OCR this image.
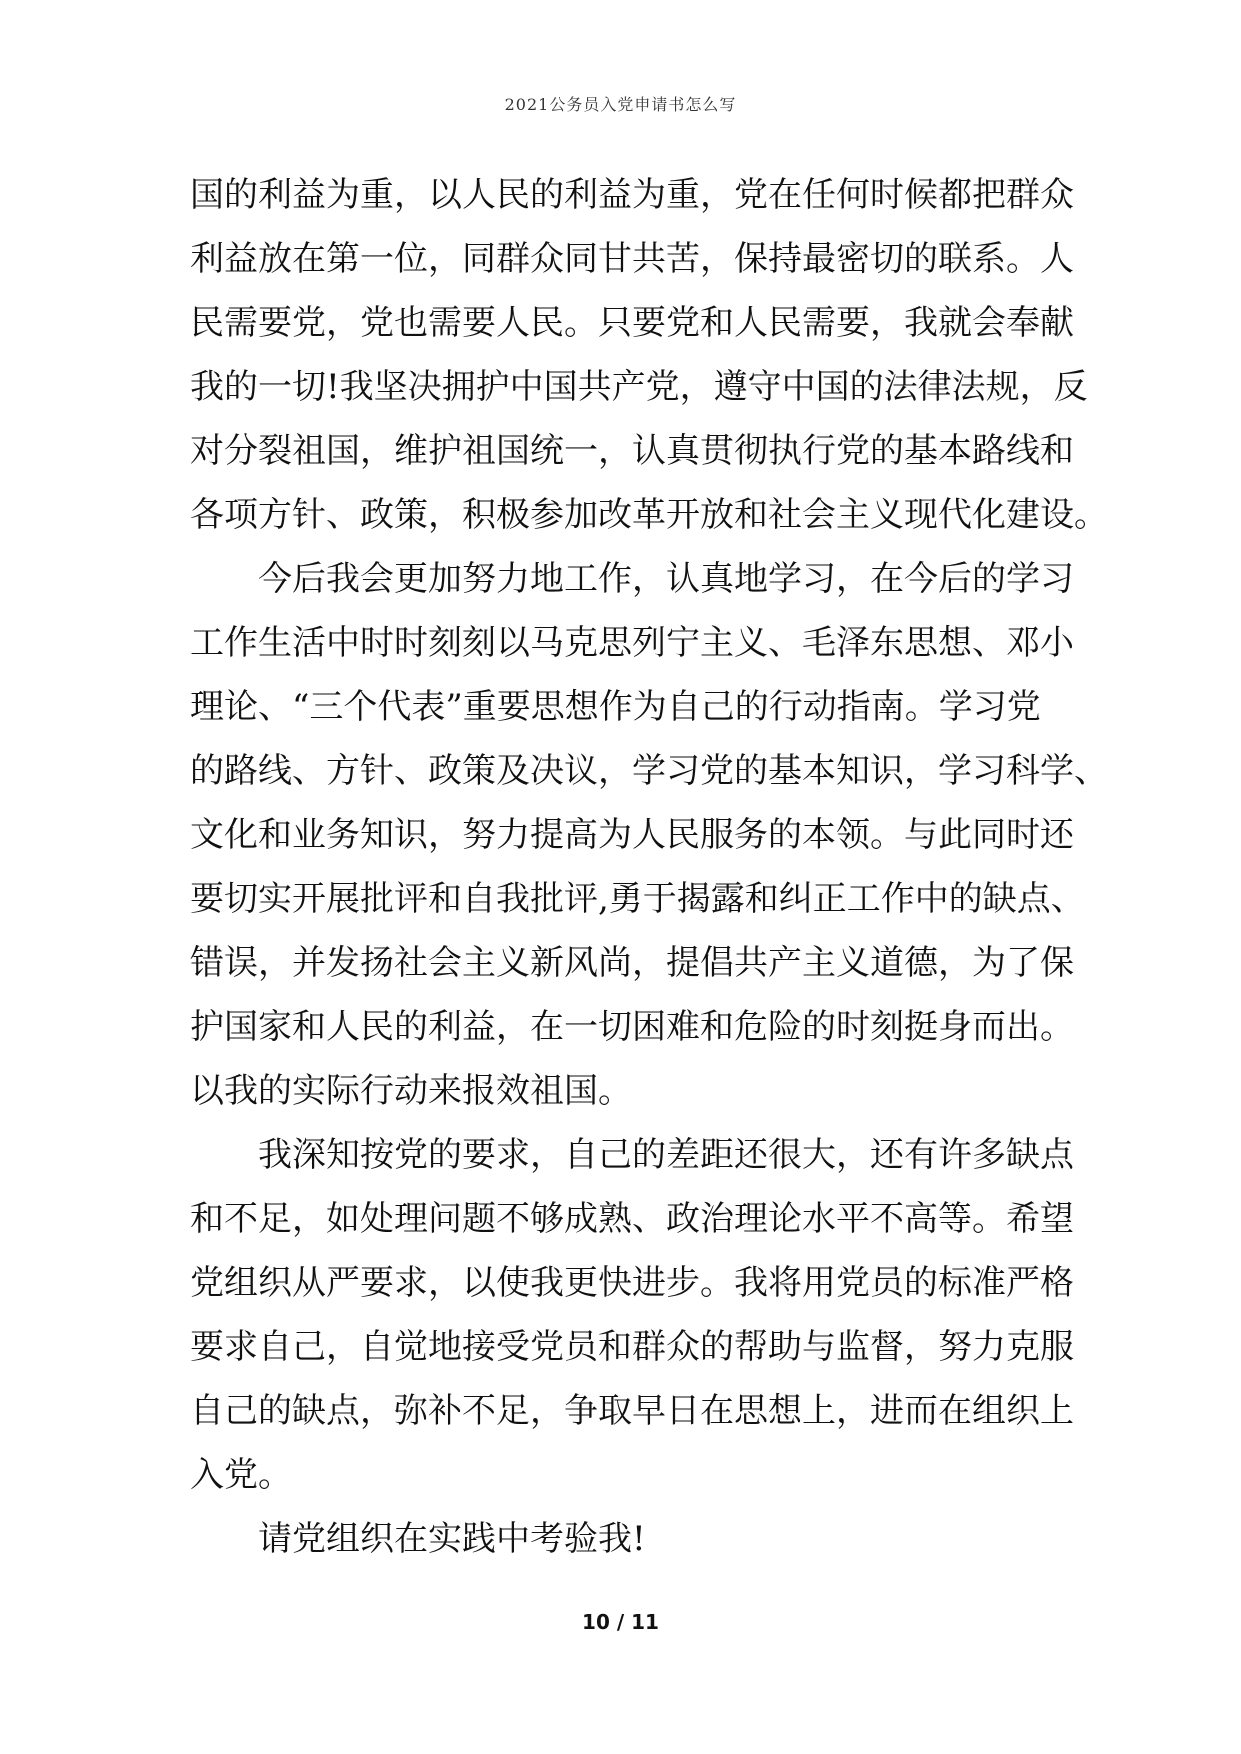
2021公务员入党申请书怎么写
国的利益为重，以人民的利益为重，党在任何时候都把群众
利益放在第一位，同群众同甘共苦，保持最密切的联系。人
民需要党，党也需要人民。只要党和人民需要，我就会奉献
我的一切!我坚决拥护中国共产党，遵守中国的法律法规，反
对分裂祖国，维护祖国统一，认真贯彻执行党的基本路线和
各项方针、政策，积极参加改革开放和社会主义现代化建设。
今后我会更加努力地工作，认真地学习，在今后的学习
工作生活中时时刻刻以马克思列宁主义、毛泽东思想、邓小
理论、“三个代表”重要思想作为自己的行动指南。学习党
的路线、方针、政策及决议，学习党的基本知识，学习科学、
文化和业务知识，努力提高为人民服务的本领。与此同时还
要切实开展批评和自我批评,勇于揭露和纠正工作中的缺点、
错误，并发扬社会主义新风尚，提倡共产主义道德，为了保
护国家和人民的利益，在一切困难和危险的时刻挺身而出。
以我的实际行动来报效祖国。
我深知按党的要求，自己的差距还很大，还有许多缺点
和不足，如处理问题不够成熟、政治理论水平不高等。希望
党组织从严要求，以使我更快进步。我将用党员的标准严格
要求自己，自觉地接受党员和群众的帮助与监督，努力克服
自己的缺点，弥补不足，争取早日在思想上，进而在组织上
入党。
请党组织在实践中考验我!
10 / 11
